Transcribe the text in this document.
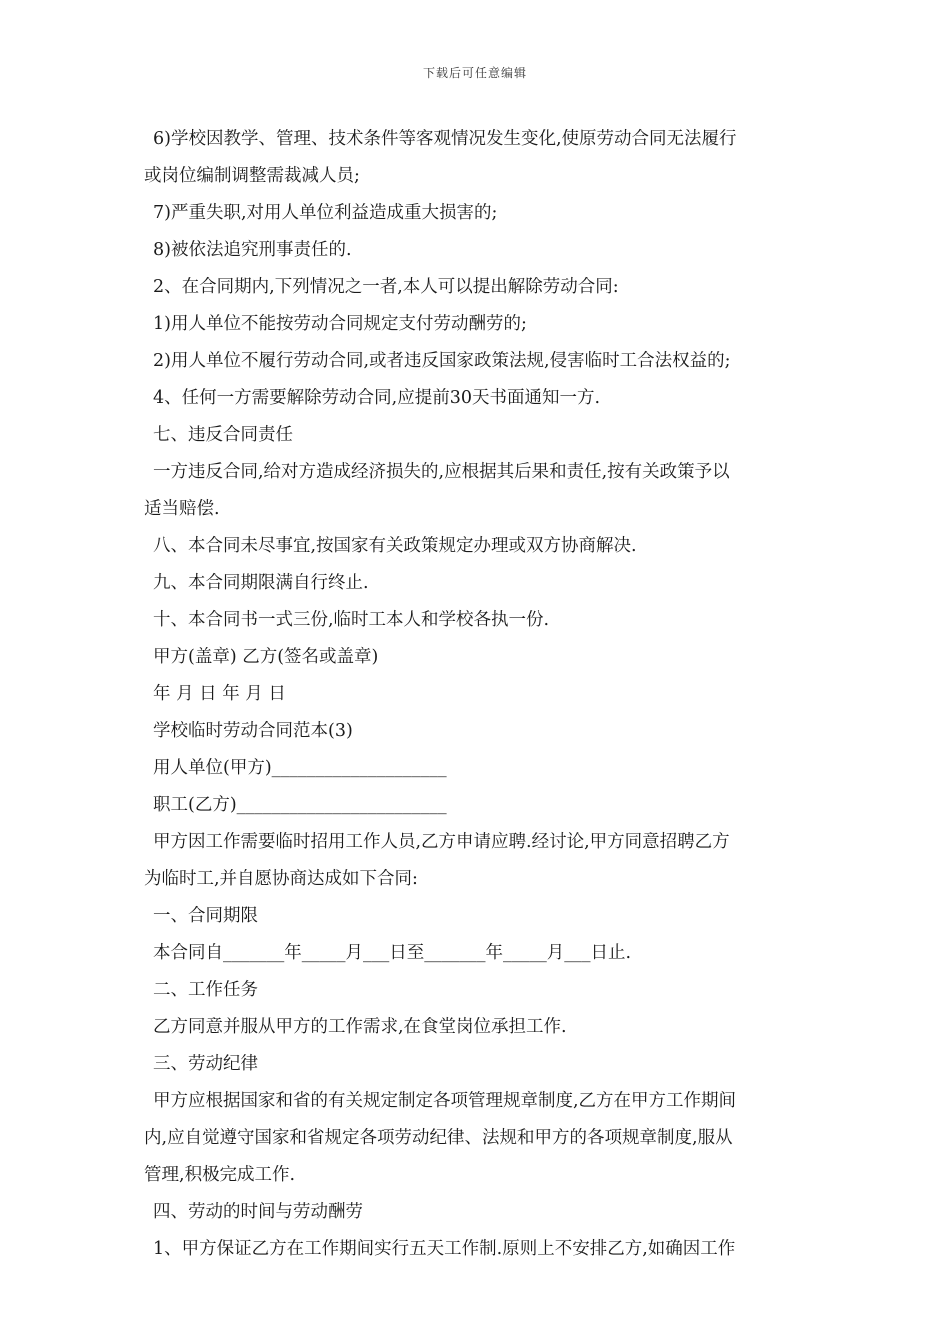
下载后可任意编辑
6)学校因教学、管理、技术条件等客观情况发生变化,使原劳动合同无法履行
或岗位编制调整需裁减人员;
7)严重失职,对用人单位利益造成重大损害的;
8)被依法追究刑事责任的.
2、在合同期内,下列情况之一者,本人可以提出解除劳动合同:
1)用人单位不能按劳动合同规定支付劳动酬劳的;
2)用人单位不履行劳动合同,或者违反国家政策法规,侵害临时工合法权益的;
4、任何一方需要解除劳动合同,应提前30天书面通知一方.
七、违反合同责任
一方违反合同,给对方造成经济损失的,应根据其后果和责任,按有关政策予以
适当赔偿.
八、本合同未尽事宜,按国家有关政策规定办理或双方协商解决.
九、本合同期限满自行终止.
十、本合同书一式三份,临时工本人和学校各执一份.
甲方(盖章) 乙方(签名或盖章)
年 月 日 年 月 日
学校临时劳动合同范本(3)
用人单位(甲方)____________________
职工(乙方)________________________
甲方因工作需要临时招用工作人员,乙方申请应聘.经讨论,甲方同意招聘乙方
为临时工,并自愿协商达成如下合同:
一、合同期限
本合同自_______年_____月___日至_______年_____月___日止.
二、工作任务
乙方同意并服从甲方的工作需求,在食堂岗位承担工作.
三、劳动纪律
甲方应根据国家和省的有关规定制定各项管理规章制度,乙方在甲方工作期间
内,应自觉遵守国家和省规定各项劳动纪律、法规和甲方的各项规章制度,服从
管理,积极完成工作.
四、劳动的时间与劳动酬劳
1、甲方保证乙方在工作期间实行五天工作制.原则上不安排乙方,如确因工作
